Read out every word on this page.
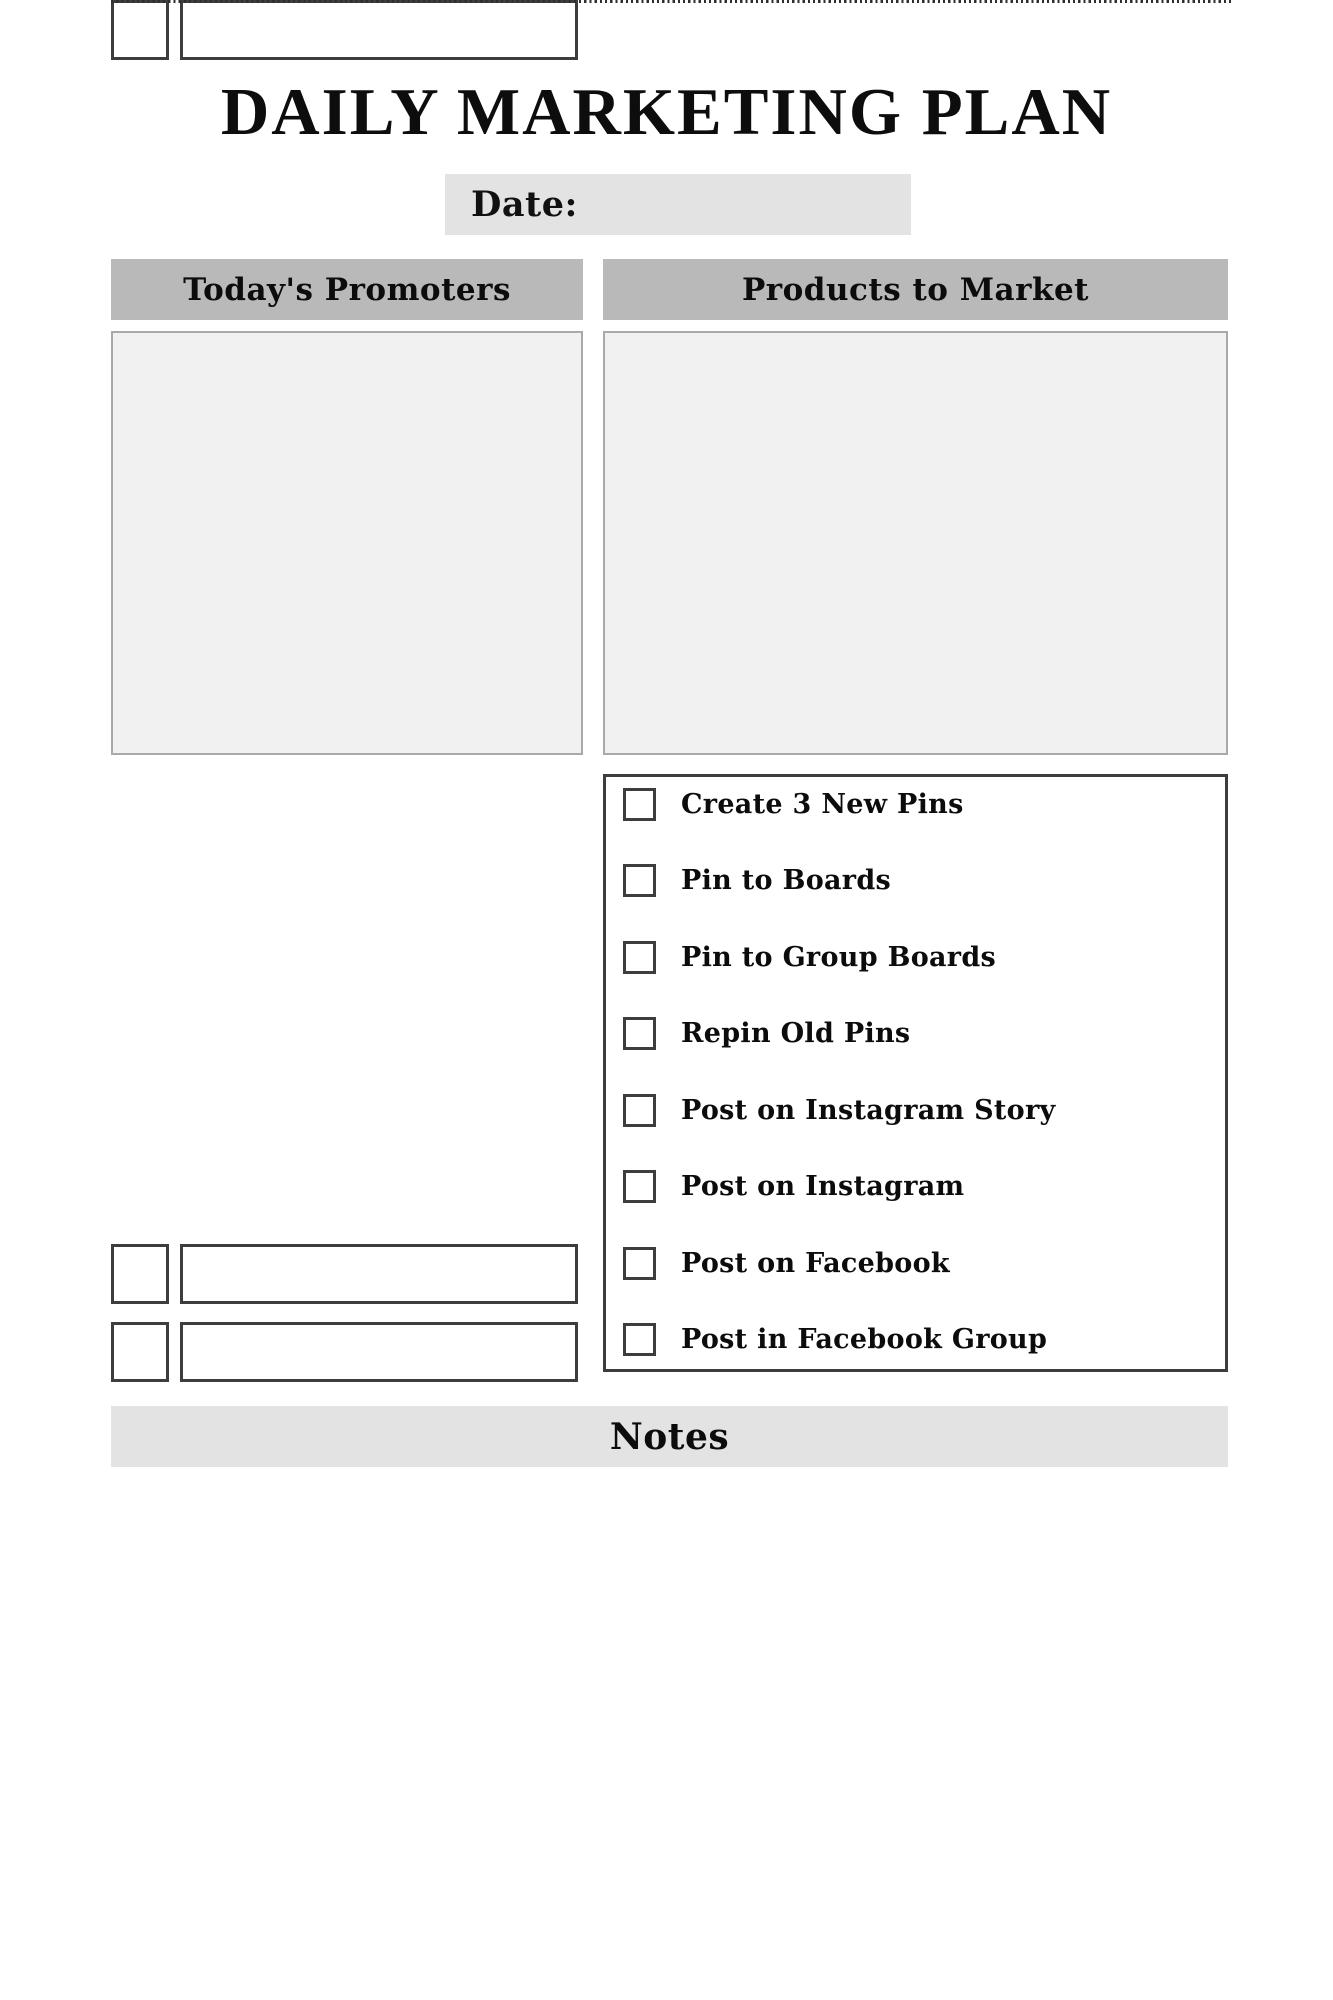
DAILY MARKETING PLAN
Date:
Today's Promoters	Products to Market
Create 3 New Pins
Pin to Boards
Pin to Group Boards
Repin Old Pins
Post on Instagram Story
Post on Instagram
Post on Facebook
Post in Facebook Group
Notes
